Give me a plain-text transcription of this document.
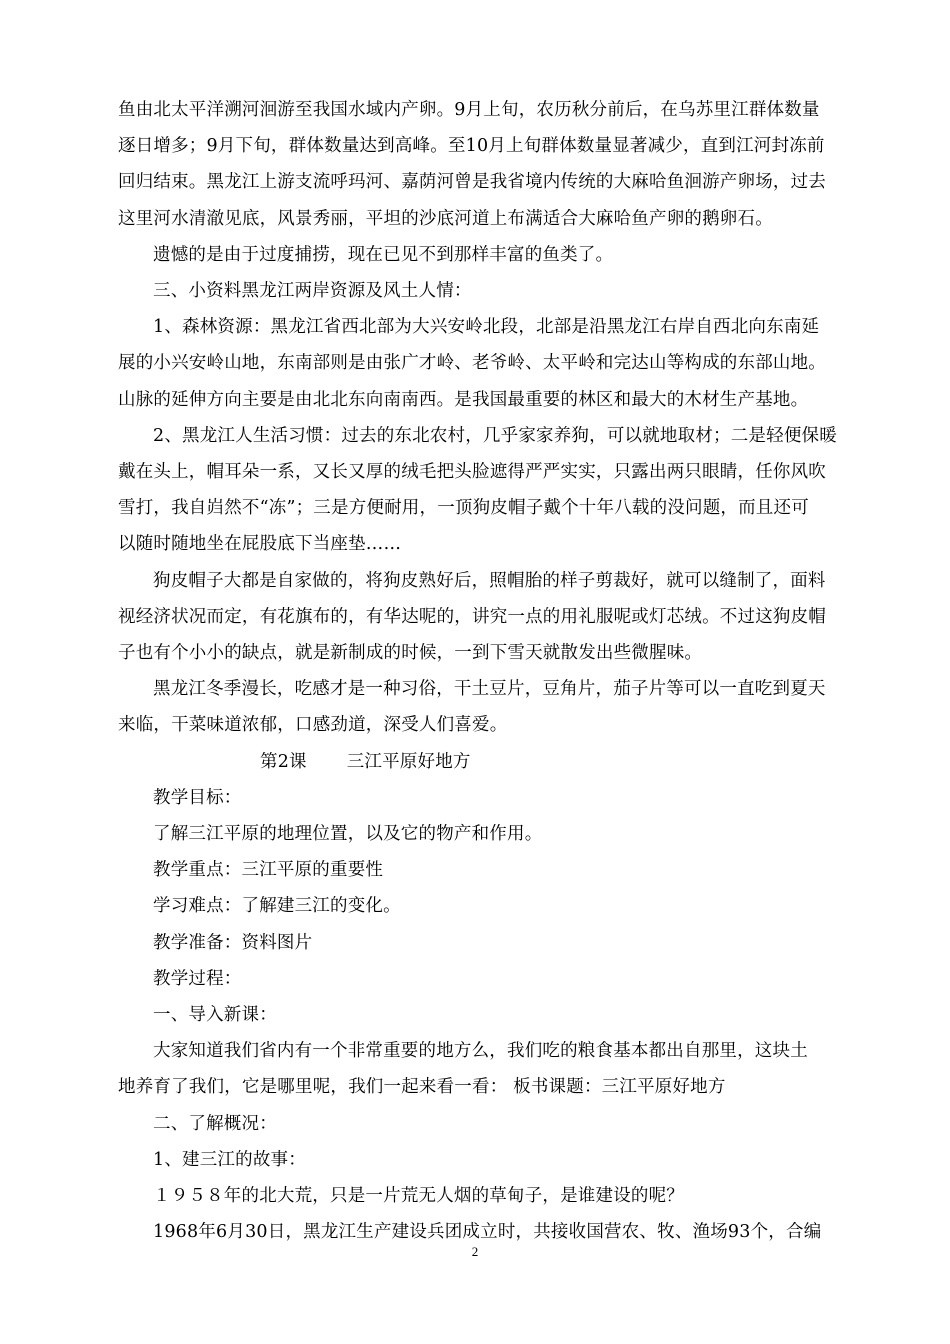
鱼由北太平洋溯河洄游至我国水域内产卵。9月上旬，农历秋分前后，在乌苏里江群体数量

逐日增多；9月下旬，群体数量达到高峰。至10月上旬群体数量显著减少，直到江河封冻前

回归结束。黑龙江上游支流呼玛河、嘉荫河曾是我省境内传统的大麻哈鱼洄游产卵场，过去

这里河水清澈见底，风景秀丽，平坦的沙底河道上布满适合大麻哈鱼产卵的鹅卵石。

遗憾的是由于过度捕捞，现在已见不到那样丰富的鱼类了。

三、小资料黑龙江两岸资源及风土人情：

1、森林资源：黑龙江省西北部为大兴安岭北段，北部是沿黑龙江右岸自西北向东南延

展的小兴安岭山地，东南部则是由张广才岭、老爷岭、太平岭和完达山等构成的东部山地。

山脉的延伸方向主要是由北北东向南南西。是我国最重要的林区和最大的木材生产基地。

2、黑龙江人生活习惯：过去的东北农村，几乎家家养狗，可以就地取材；二是轻便保暖

戴在头上，帽耳朵一系，又长又厚的绒毛把头脸遮得严严实实，只露出两只眼睛，任你风吹

雪打，我自岿然不“冻”；三是方便耐用，一顶狗皮帽子戴个十年八载的没问题，而且还可

以随时随地坐在屁股底下当座垫……

狗皮帽子大都是自家做的，将狗皮熟好后，照帽胎的样子剪裁好，就可以缝制了，面料

视经济状况而定，有花旗布的，有华达呢的，讲究一点的用礼服呢或灯芯绒。不过这狗皮帽

子也有个小小的缺点，就是新制成的时候，一到下雪天就散发出些微腥味。

黑龙江冬季漫长，吃感才是一种习俗，干土豆片，豆角片，茄子片等可以一直吃到夏天

来临，干菜味道浓郁，口感劲道，深受人们喜爱。

第2课 三江平原好地方

教学目标：

了解三江平原的地理位置，以及它的物产和作用。

教学重点：三江平原的重要性

学习难点：了解建三江的变化。

教学准备：资料图片

教学过程：

一、导入新课：

大家知道我们省内有一个非常重要的地方么，我们吃的粮食基本都出自那里，这块土

地养育了我们，它是哪里呢，我们一起来看一看： 板书课题：三江平原好地方

二、了解概况：

1、建三江的故事：

１９５８年的北大荒，只是一片荒无人烟的草甸子，是谁建设的呢？

1968年6月30日，黑龙江生产建设兵团成立时，共接收国营农、牧、渔场93个，合编

2
